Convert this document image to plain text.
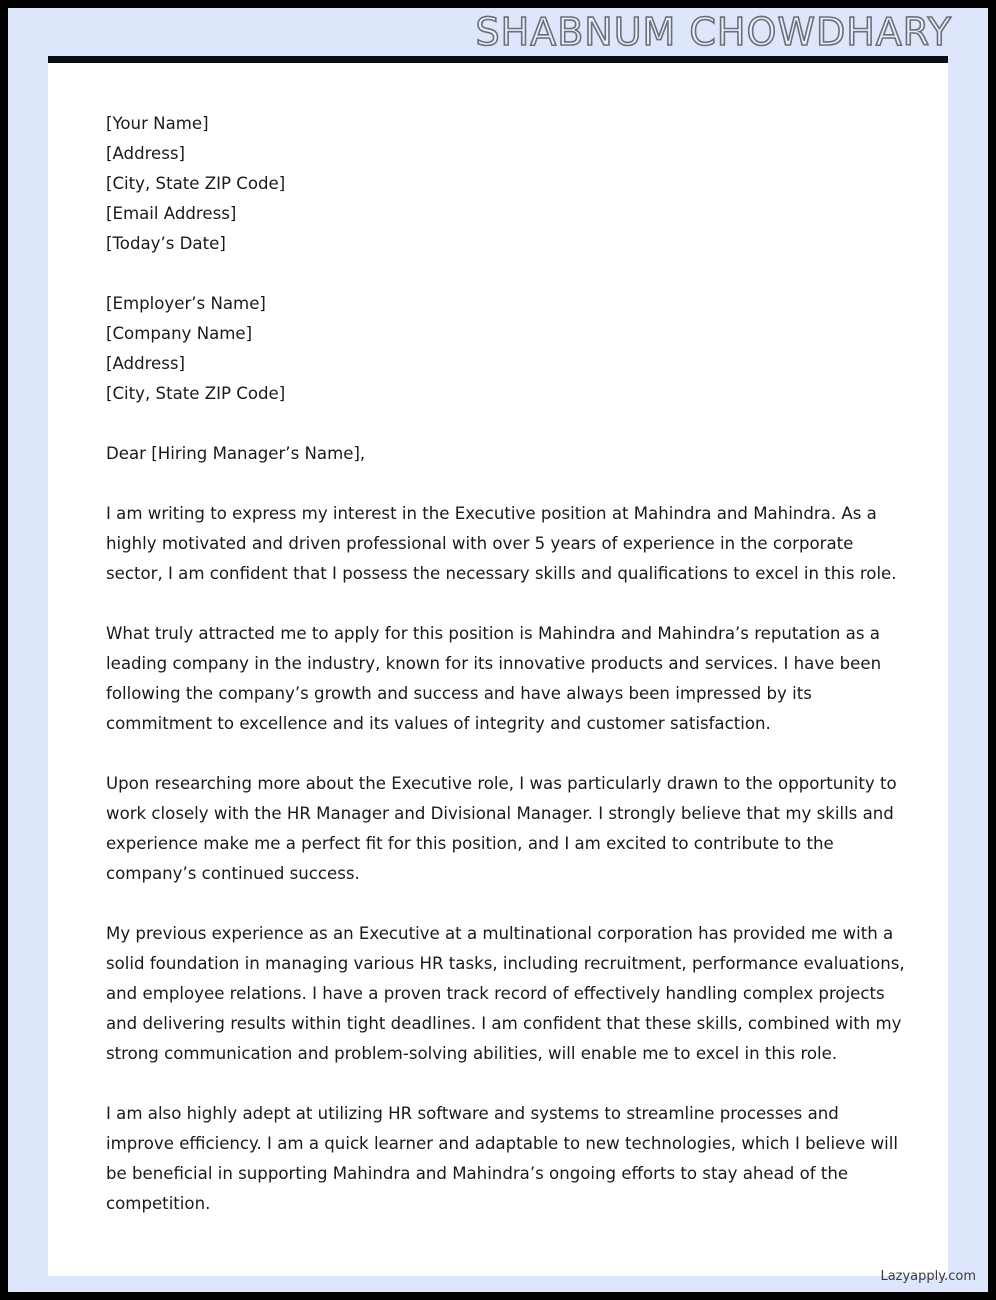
SHABNUM CHOWDHARY
[Your Name]
[Address]
[City, State ZIP Code]
[Email Address]
[Today’s Date]
[Employer’s Name]
[Company Name]
[Address]
[City, State ZIP Code]
Dear [Hiring Manager’s Name],

I am writing to express my interest in the Executive position at Mahindra and Mahindra. As a highly motivated and driven professional with over 5 years of experience in the corporate sector, I am confident that I possess the necessary skills and qualifications to excel in this role.

What truly attracted me to apply for this position is Mahindra and Mahindra’s reputation as a leading company in the industry, known for its innovative products and services. I have been following the company’s growth and success and have always been impressed by its commitment to excellence and its values of integrity and customer satisfaction.

Upon researching more about the Executive role, I was particularly drawn to the opportunity to work closely with the HR Manager and Divisional Manager. I strongly believe that my skills and experience make me a perfect fit for this position, and I am excited to contribute to the company’s continued success.

My previous experience as an Executive at a multinational corporation has provided me with a solid foundation in managing various HR tasks, including recruitment, performance evaluations, and employee relations. I have a proven track record of effectively handling complex projects and delivering results within tight deadlines. I am confident that these skills, combined with my strong communication and problem-solving abilities, will enable me to excel in this role.

I am also highly adept at utilizing HR software and systems to streamline processes and improve efficiency. I am a quick learner and adaptable to new technologies, which I believe will be beneficial in supporting Mahindra and Mahindra’s ongoing efforts to stay ahead of the competition.

Lazyapply.com
